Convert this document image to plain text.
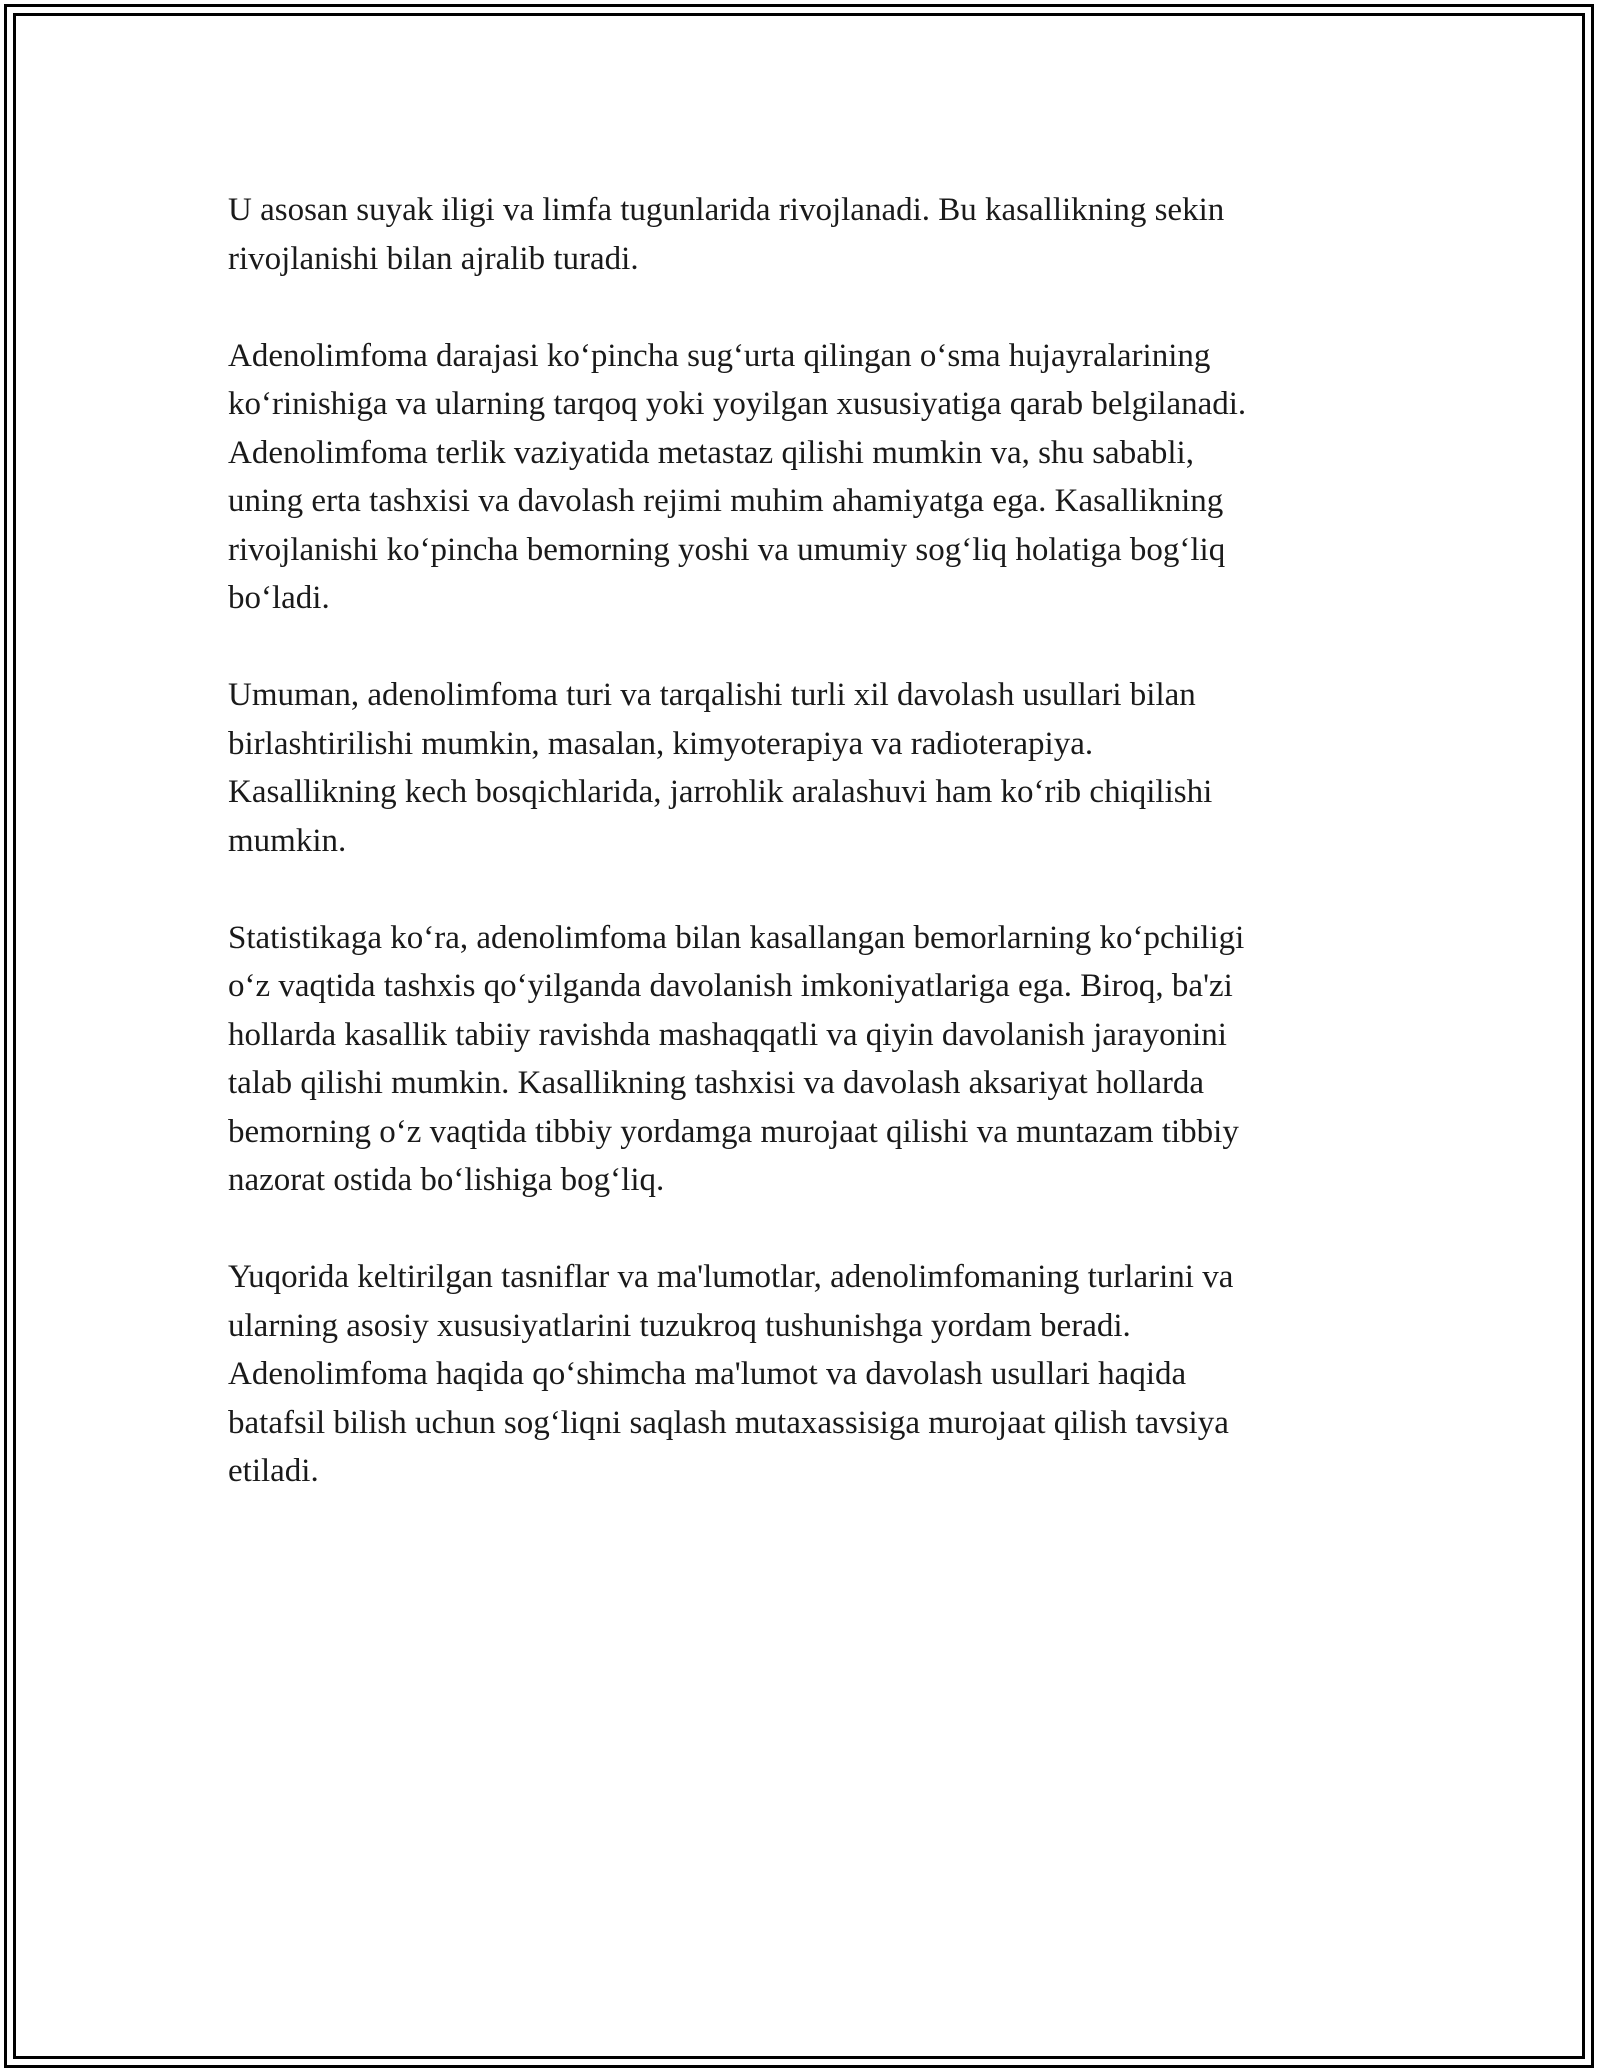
U asosan suyak iligi va limfa tugunlarida rivojlanadi. Bu kasallikning sekin
rivojlanishi bilan ajralib turadi.

Adenolimfoma darajasi ko‘pincha sug‘urta qilingan o‘sma hujayralarining
ko‘rinishiga va ularning tarqoq yoki yoyilgan xususiyatiga qarab belgilanadi.
Adenolimfoma terlik vaziyatida metastaz qilishi mumkin va, shu sababli,
uning erta tashxisi va davolash rejimi muhim ahamiyatga ega. Kasallikning
rivojlanishi ko‘pincha bemorning yoshi va umumiy sog‘liq holatiga bog‘liq
bo‘ladi.

Umuman, adenolimfoma turi va tarqalishi turli xil davolash usullari bilan
birlashtirilishi mumkin, masalan, kimyoterapiya va radioterapiya.
Kasallikning kech bosqichlarida, jarrohlik aralashuvi ham ko‘rib chiqilishi
mumkin.

Statistikaga ko‘ra, adenolimfoma bilan kasallangan bemorlarning ko‘pchiligi
o‘z vaqtida tashxis qo‘yilganda davolanish imkoniyatlariga ega. Biroq, ba'zi
hollarda kasallik tabiiy ravishda mashaqqatli va qiyin davolanish jarayonini
talab qilishi mumkin. Kasallikning tashxisi va davolash aksariyat hollarda
bemorning o‘z vaqtida tibbiy yordamga murojaat qilishi va muntazam tibbiy
nazorat ostida bo‘lishiga bog‘liq.

Yuqorida keltirilgan tasniflar va ma'lumotlar, adenolimfomaning turlarini va
ularning asosiy xususiyatlarini tuzukroq tushunishga yordam beradi.
Adenolimfoma haqida qo‘shimcha ma'lumot va davolash usullari haqida
batafsil bilish uchun sog‘liqni saqlash mutaxassisiga murojaat qilish tavsiya
etiladi.
